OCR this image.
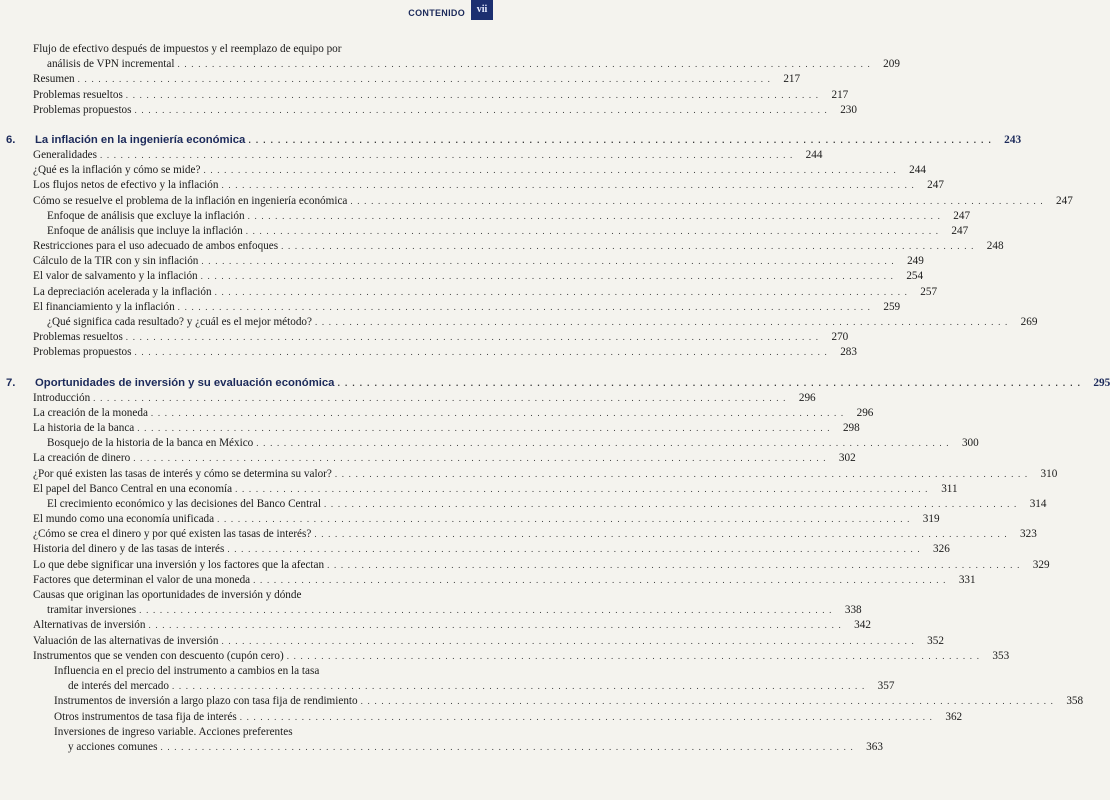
CONTENIDO	vii
Flujo de efectivo después de impuestos y el reemplazo de equipo por
análisis de VPN incremental . . .	209
Resumen . . .	217
Problemas resueltos . . .	217
Problemas propuestos . . .	230
6. La inflación en la ingeniería económica . . .	243
Generalidades . . .	244
¿Qué es la inflación y cómo se mide? . . .	244
Los flujos netos de efectivo y la inflación . . .	247
Cómo se resuelve el problema de la inflación en ingeniería económica . . .	247
Enfoque de análisis que excluye la inflación . . .	247
Enfoque de análisis que incluye la inflación . . .	247
Restricciones para el uso adecuado de ambos enfoques . . .	248
Cálculo de la TIR con y sin inflación . . .	249
El valor de salvamento y la inflación . . .	254
La depreciación acelerada y la inflación . . .	257
El financiamiento y la inflación . . .	259
¿Qué significa cada resultado? y ¿cuál es el mejor método? . . .	269
Problemas resueltos . . .	270
Problemas propuestos . . .	283
7. Oportunidades de inversión y su evaluación económica . . .	295
Introducción . . .	296
La creación de la moneda . . .	296
La historia de la banca . . .	298
Bosquejo de la historia de la banca en México . . .	300
La creación de dinero . . .	302
¿Por qué existen las tasas de interés y cómo se determina su valor? . . .	310
El papel del Banco Central en una economía . . .	311
El crecimiento económico y las decisiones del Banco Central . . .	314
El mundo como una economía unificada . . .	319
¿Cómo se crea el dinero y por qué existen las tasas de interés? . . .	323
Historia del dinero y de las tasas de interés . . .	326
Lo que debe significar una inversión y los factores que la afectan . . .	329
Factores que determinan el valor de una moneda . . .	331
Causas que originan las oportunidades de inversión y dónde
tramitar inversiones . . .	338
Alternativas de inversión . . .	342
Valuación de las alternativas de inversión . . .	352
Instrumentos que se venden con descuento (cupón cero) . . .	353
Influencia en el precio del instrumento a cambios en la tasa
de interés del mercado . . .	357
Instrumentos de inversión a largo plazo con tasa fija de rendimiento . . .	358
Otros instrumentos de tasa fija de interés . . .	362
Inversiones de ingreso variable. Acciones preferentes
y acciones comunes . . .	363
